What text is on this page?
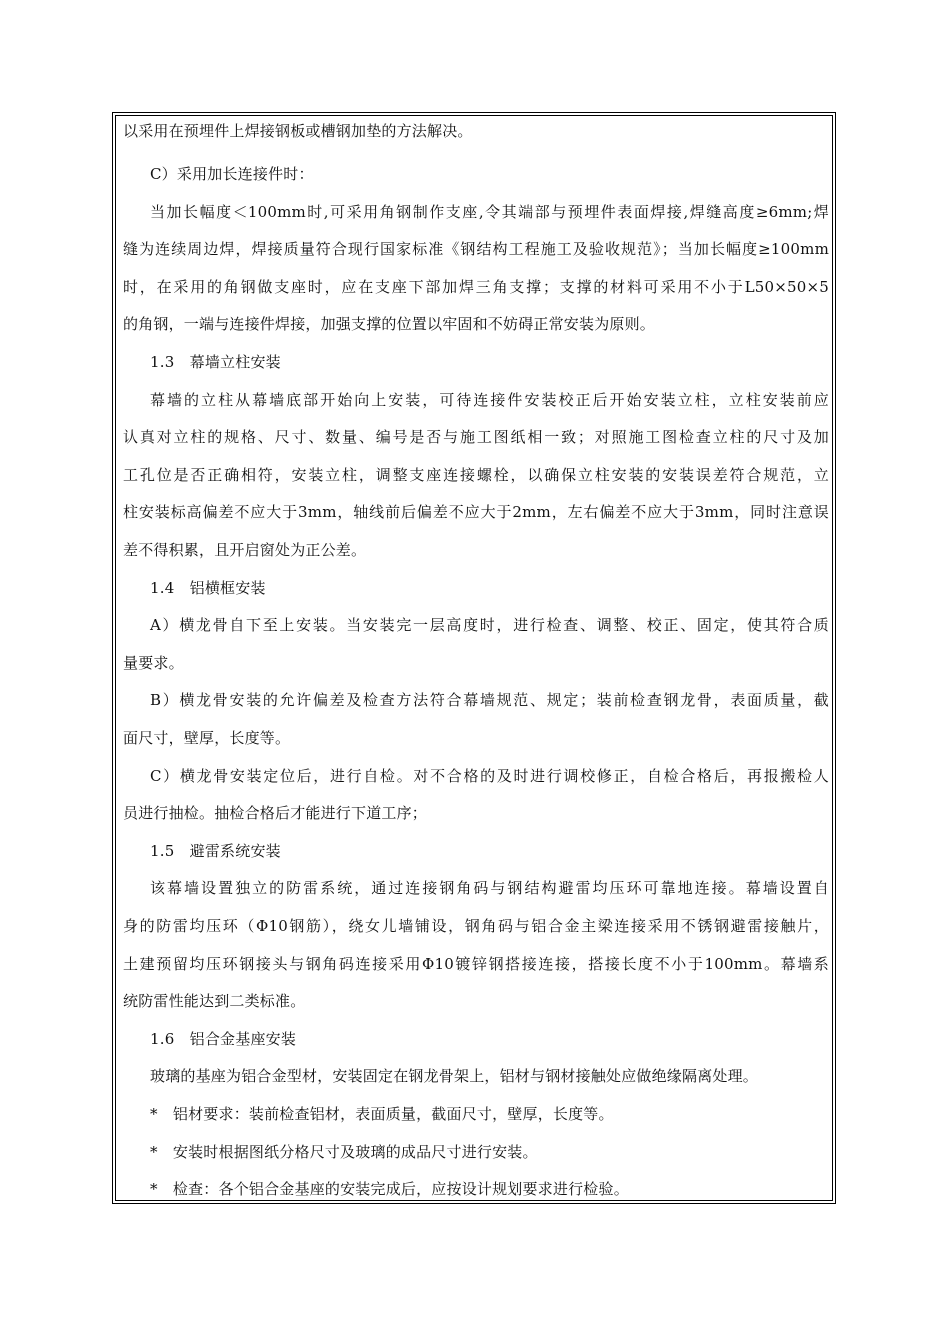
以采用在预埋件上焊接钢板或槽钢加垫的方法解决。
C）采用加长连接件时：
当加长幅度＜100mm时,可采用角钢制作支座,令其端部与预埋件表面焊接,焊缝高度≥6mm;焊
缝为连续周边焊，焊接质量符合现行国家标准《钢结构工程施工及验收规范》；当加长幅度≥100mm
时，在采用的角钢做支座时，应在支座下部加焊三角支撑；支撑的材料可采用不小于L50×50×5
的角钢，一端与连接件焊接，加强支撑的位置以牢固和不妨碍正常安装为原则。
1.3　幕墙立柱安装
幕墙的立柱从幕墙底部开始向上安装，可待连接件安装校正后开始安装立柱，立柱安装前应
认真对立柱的规格、尺寸、数量、编号是否与施工图纸相一致；对照施工图检查立柱的尺寸及加
工孔位是否正确相符，安装立柱，调整支座连接螺栓，以确保立柱安装的安装误差符合规范，立
柱安装标高偏差不应大于3mm，轴线前后偏差不应大于2mm，左右偏差不应大于3mm，同时注意误
差不得积累，且开启窗处为正公差。
1.4　铝横框安装
A）横龙骨自下至上安装。当安装完一层高度时，进行检查、调整、校正、固定，使其符合质
量要求。
B）横龙骨安装的允许偏差及检查方法符合幕墙规范、规定；装前检查钢龙骨，表面质量，截
面尺寸，壁厚，长度等。
C）横龙骨安装定位后，进行自检。对不合格的及时进行调校修正，自检合格后，再报搬检人
员进行抽检。抽检合格后才能进行下道工序；
1.5　避雷系统安装
该幕墙设置独立的防雷系统，通过连接钢角码与钢结构避雷均压环可靠地连接。幕墙设置自
身的防雷均压环（Φ10钢筋），绕女儿墙铺设，钢角码与铝合金主梁连接采用不锈钢避雷接触片，
土建预留均压环钢接头与钢角码连接采用Φ10镀锌钢搭接连接，搭接长度不小于100mm。幕墙系
统防雷性能达到二类标准。
1.6　铝合金基座安装
玻璃的基座为铝合金型材，安装固定在钢龙骨架上，铝材与钢材接触处应做绝缘隔离处理。
*　铝材要求：装前检查铝材，表面质量，截面尺寸，壁厚，长度等。
*　安装时根据图纸分格尺寸及玻璃的成品尺寸进行安装。
*　检查：各个铝合金基座的安装完成后，应按设计规划要求进行检验。
